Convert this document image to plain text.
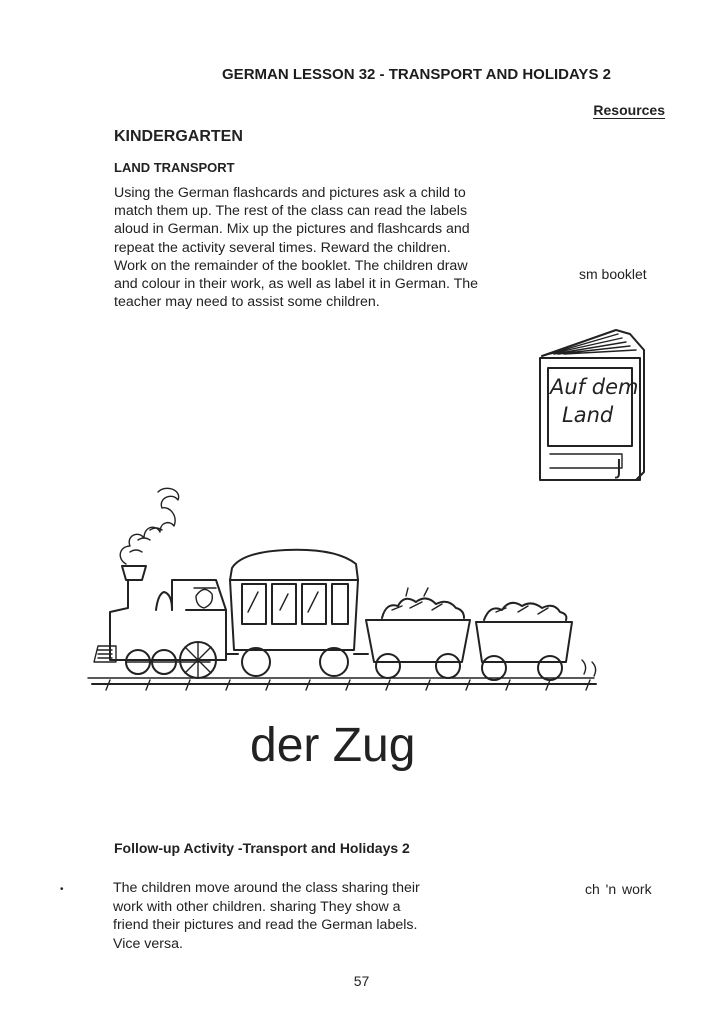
GERMAN LESSON 32 - TRANSPORT AND HOLIDAYS 2
Resources
KINDERGARTEN
LAND TRANSPORT
Using the German flashcards and pictures ask a child to
match them up. The rest of the class can read the labels
aloud in German. Mix up the pictures and flashcards and
repeat the activity several times. Reward the children.
Work on the remainder of the booklet. The children draw
and colour in their work, as well as label it in German. The
teacher may need to assist some children.
sm booklet
Auf dem
Land
J
der Zug
Follow-up Activity -Transport and Holidays 2
•	The children move around the class sharing their
work with other children. sharing They show a
friend their pictures and read the German labels.
Vice versa.
ch 'n work
57
